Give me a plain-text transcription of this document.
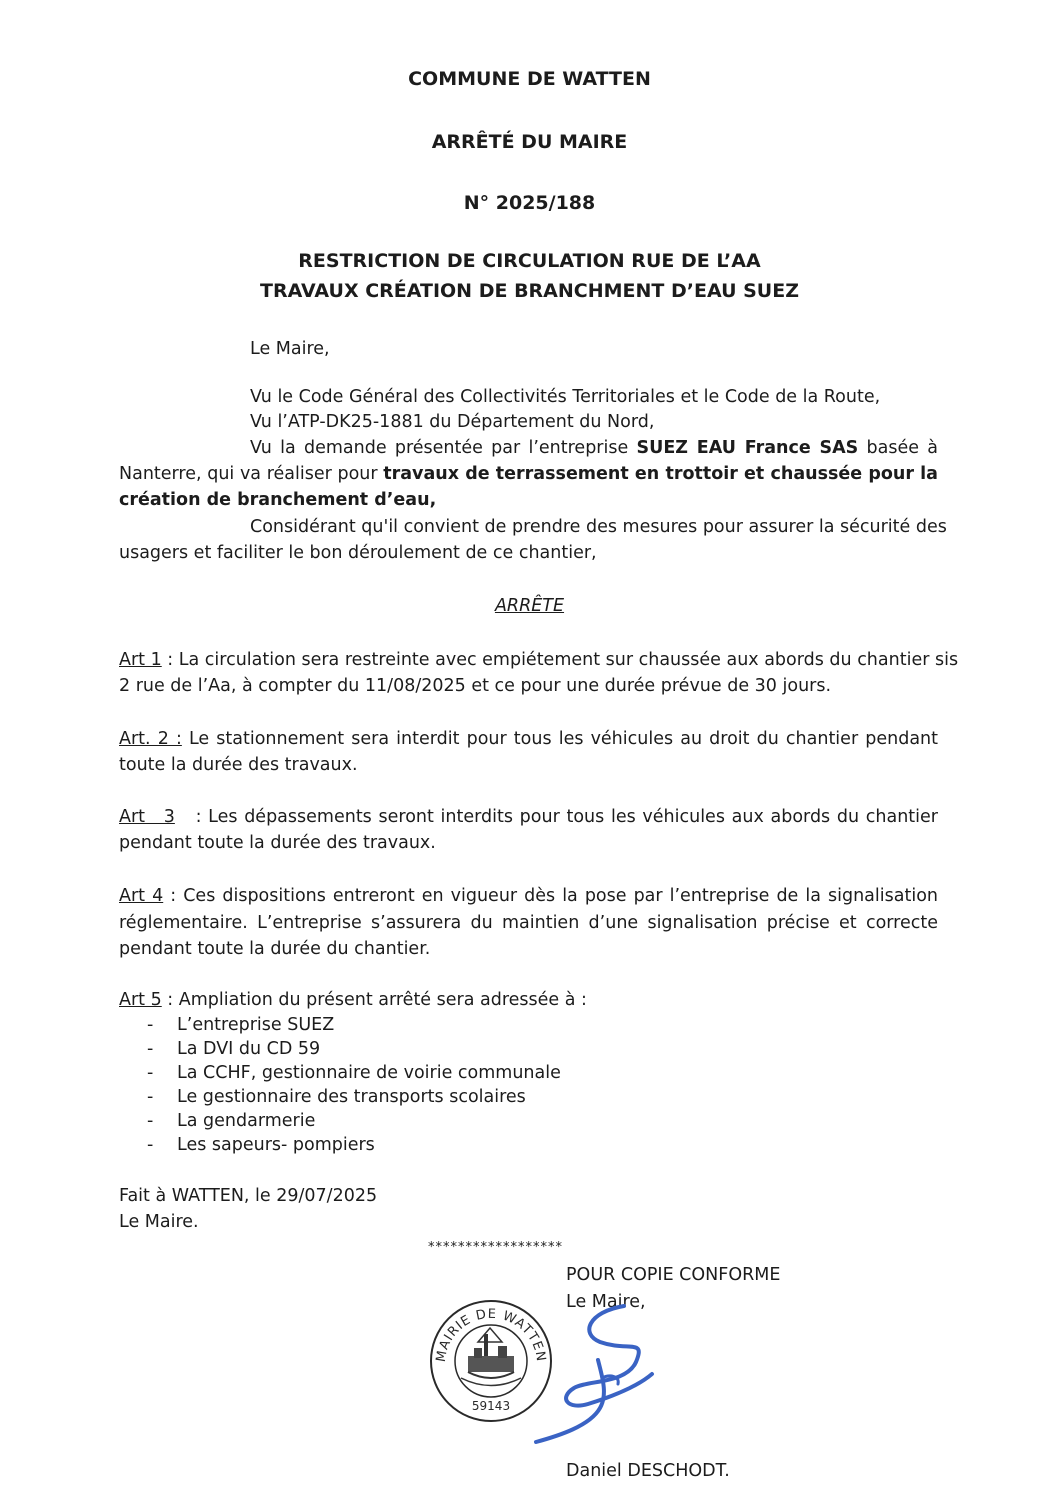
COMMUNE DE WATTEN
ARRÊTÉ DU MAIRE
N° 2025/188
RESTRICTION DE CIRCULATION RUE DE L’AA
TRAVAUX CRÉATION DE BRANCHMENT D’EAU SUEZ
Le Maire,
Vu le Code Général des Collectivités Territoriales et le Code de la Route,
Vu l’ATP-DK25-1881 du Département du Nord,
Vu la demande présentée par l’entreprise SUEZ EAU France SAS basée à
Nanterre, qui va réaliser pour travaux de terrassement en trottoir et chaussée pour la
création de branchement d’eau,
Considérant qu'il convient de prendre des mesures pour assurer la sécurité des
usagers et faciliter le bon déroulement de ce chantier,
ARRÊTE
Art 1 : La circulation sera restreinte avec empiétement sur chaussée aux abords du chantier sis
2 rue de l’Aa, à compter du 11/08/2025 et ce pour une durée prévue de 30 jours.
Art. 2 : Le stationnement sera interdit pour tous les véhicules au droit du chantier pendant
toute la durée des travaux.
Art 3 : Les dépassements seront interdits pour tous les véhicules aux abords du chantier
pendant toute la durée des travaux.
Art 4 : Ces dispositions entreront en vigueur dès la pose par l’entreprise de la signalisation
réglementaire. L’entreprise s’assurera du maintien d’une signalisation précise et correcte
pendant toute la durée du chantier.
Art 5 : Ampliation du présent arrêté sera adressée à :
- L’entreprise SUEZ
- La DVI du CD 59
- La CCHF, gestionnaire de voirie communale
- Le gestionnaire des transports scolaires
- La gendarmerie
- Les sapeurs- pompiers
Fait à WATTEN, le 29/07/2025
Le Maire.
******************
POUR COPIE CONFORME
Le Maire,
MAIRIE DE WATTEN
59143
Daniel DESCHODT.
